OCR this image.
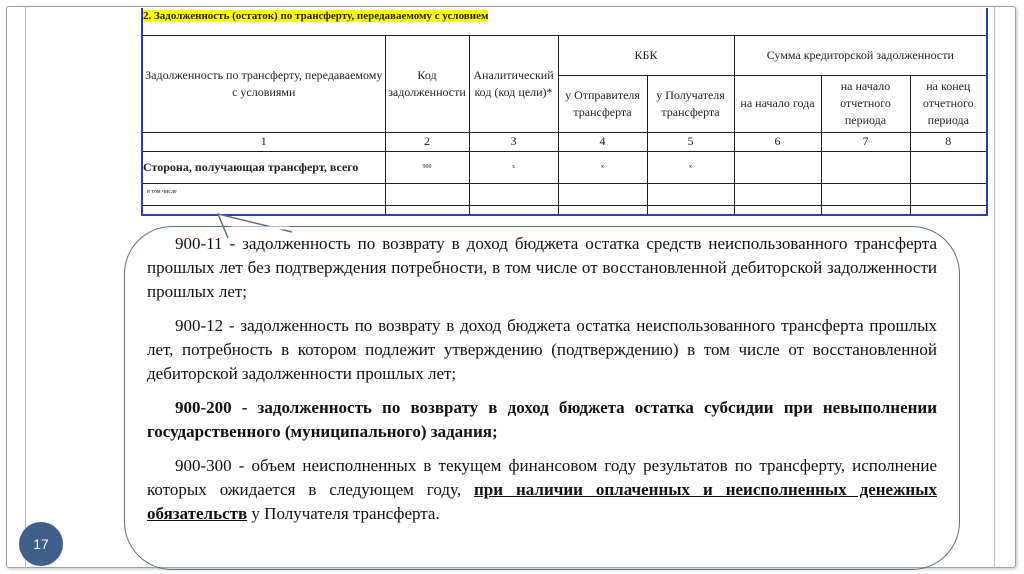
2. Задолженность (остаток) по трансферту, передаваемому с условием							
Задолженность по трансферту, передаваемому с условиями	Код задолженности	Аналитический код (код цели)*	КБК		Сумма кредиторской задолженности		
			у Отправителя трансферта	у Получателя трансферта	на начало года	на начало отчетного периода	на конец отчетного периода
1	2	3	4	5	6	7	8
Сторона, получающая трансферт, всего	900	x	x	x			
в том числе							

900-11 - задолженность по возврату в доход бюджета остатка средств неиспользованного трансферта прошлых лет без подтверждения потребности, в том числе от восстановленной дебиторской задолженности прошлых лет;

900-12 - задолженность по возврату в доход бюджета остатка неиспользованного трансферта прошлых лет, потребность в котором подлежит утверждению (подтверждению) в том числе от восстановленной дебиторской задолженности прошлых лет;

900-200 - задолженность по возврату в доход бюджета остатка субсидии при невыполнении государственного (муниципального) задания;

900-300 - объем неисполненных в текущем финансовом году результатов по трансферту, исполнение которых ожидается в следующем году, при наличии оплаченных и неисполненных денежных обязательств у Получателя трансферта.

17
